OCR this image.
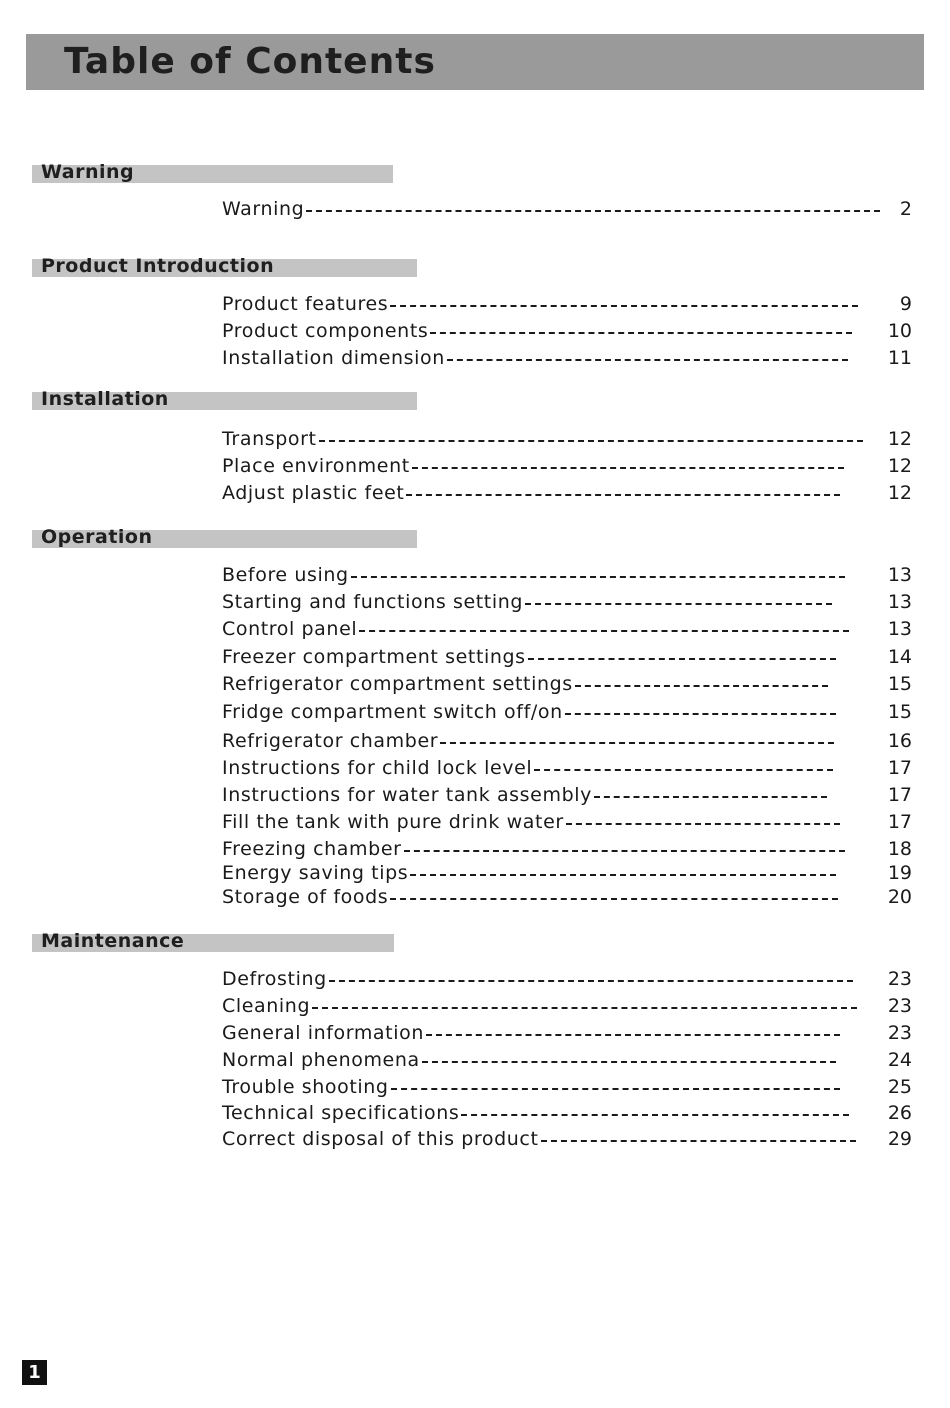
Table of Contents
Warning
Warning	2
Product Introduction
Product features	9
Product components	10
Installation dimension	11
Installation
Transport	12
Place environment	12
Adjust plastic feet	12
Operation
Before using	13
Starting and functions setting	13
Control panel	13
Freezer compartment settings	14
Refrigerator compartment settings	15
Fridge compartment switch off/on	15
Refrigerator chamber	16
Instructions for child lock level	17
Instructions for water tank assembly	17
Fill the tank with pure drink water	17
Freezing chamber	18
Energy saving tips	19
Storage of foods	20
Maintenance
Defrosting	23
Cleaning	23
General information	23
Normal phenomena	24
Trouble shooting	25
Technical specifications	26
Correct disposal of this product	29
1
